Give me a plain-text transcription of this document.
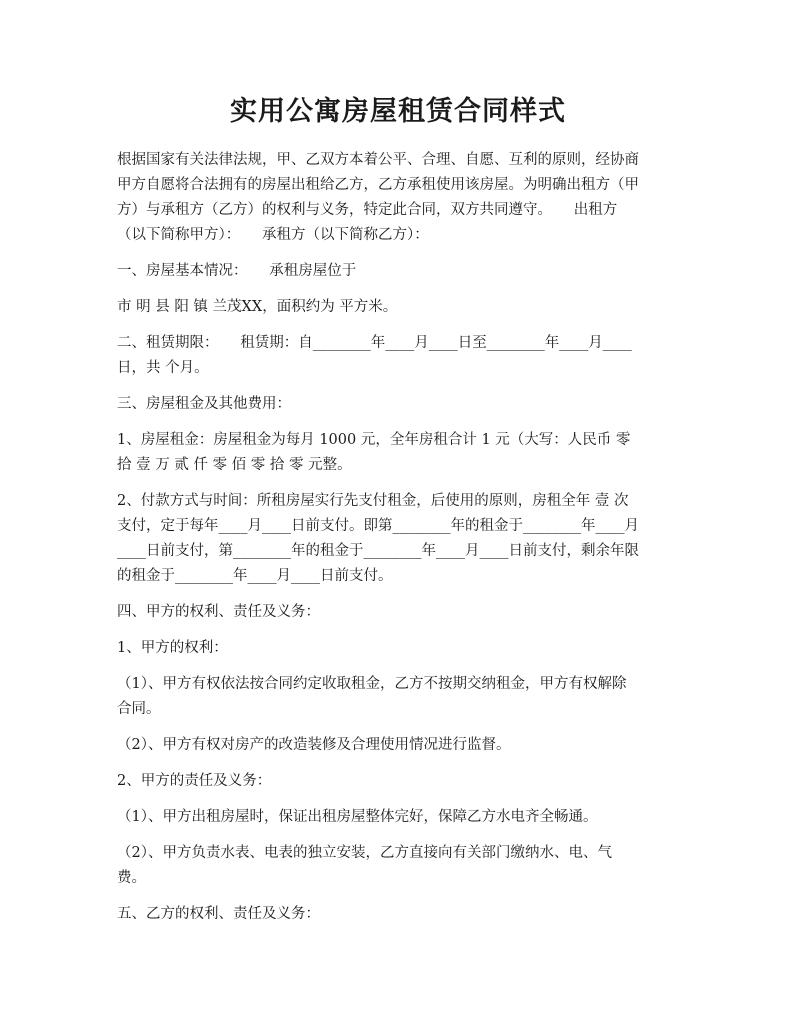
实用公寓房屋租赁合同样式

根据国家有关法律法规，甲、乙双方本着公平、合理、自愿、互利的原则，经协商
甲方自愿将合法拥有的房屋出租给乙方，乙方承租使用该房屋。为明确出租方（甲
方）与承租方（乙方）的权利与义务，特定此合同，双方共同遵守。　　出租方
（以下简称甲方）：　　承租方（以下简称乙方）：

一、房屋基本情况：　　承租房屋位于

市 明 县 阳 镇 兰茂XX，面积约为 平方米。

二、租赁期限：　　租赁期：自________年____月____日至________年____月____
日，共 个月。

三、房屋租金及其他费用：

1、房屋租金：房屋租金为每月 1000 元，全年房租合计 1 元（大写：人民币 零
拾 壹 万 贰 仟 零 佰 零 拾 零 元整。

2、付款方式与时间：所租房屋实行先支付租金，后使用的原则，房租全年 壹 次
支付，定于每年____月____日前支付。即第________年的租金于________年____月
____日前支付，第________年的租金于________年____月____日前支付，剩余年限
的租金于________年____月____日前支付。

四、甲方的权利、责任及义务：

1、甲方的权利：

（1）、甲方有权依法按合同约定收取租金，乙方不按期交纳租金，甲方有权解除
合同。

（2）、甲方有权对房产的改造装修及合理使用情况进行监督。

2、甲方的责任及义务：

（1）、甲方出租房屋时，保证出租房屋整体完好，保障乙方水电齐全畅通。

（2）、甲方负责水表、电表的独立安装，乙方直接向有关部门缴纳水、电、气
费。

五、乙方的权利、责任及义务：
